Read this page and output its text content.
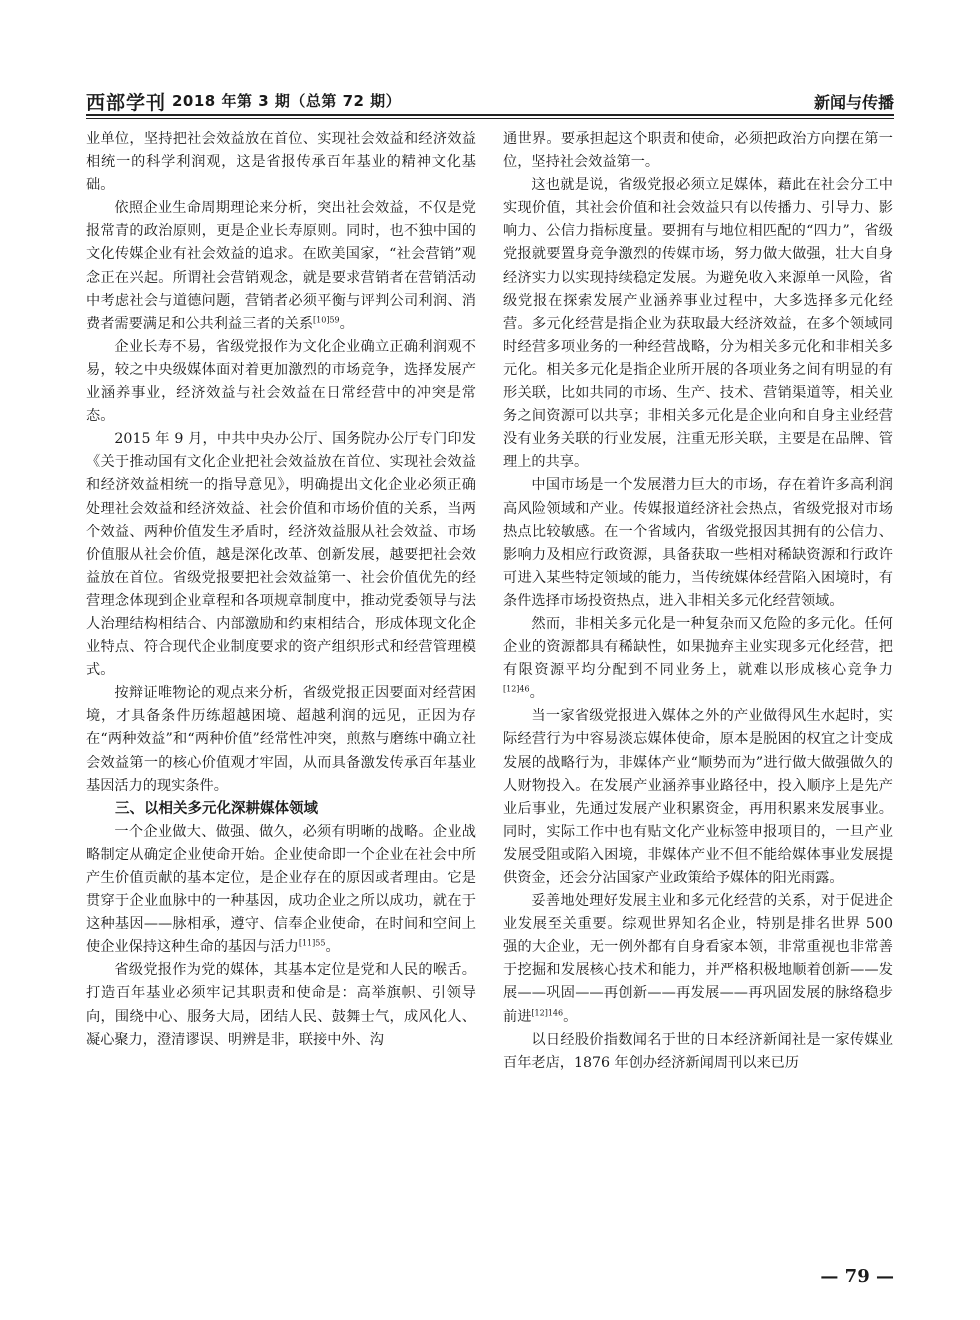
西部学刊 2018 年第 3 期（总第 72 期）	新闻与传播

业单位，坚持把社会效益放在首位、实现社会效益和经济效益相统一的科学利润观，这是省报传承百年基业的精神文化基础。

依照企业生命周期理论来分析，突出社会效益，不仅是党报常青的政治原则，更是企业长寿原则。同时，也不独中国的文化传媒企业有社会效益的追求。在欧美国家，“社会营销”观念正在兴起。所谓社会营销观念，就是要求营销者在营销活动中考虑社会与道德问题，营销者必须平衡与评判公司利润、消费者需要满足和公共利益三者的关系$^{[10]59}$。

企业长寿不易，省级党报作为文化企业确立正确利润观不易，较之中央级媒体面对着更加激烈的市场竞争，选择发展产业涵养事业，经济效益与社会效益在日常经营中的冲突是常态。

2015 年 9 月，中共中央办公厅、国务院办公厅专门印发《关于推动国有文化企业把社会效益放在首位、实现社会效益和经济效益相统一的指导意见》，明确提出文化企业必须正确处理社会效益和经济效益、社会价值和市场价值的关系，当两个效益、两种价值发生矛盾时，经济效益服从社会效益、市场价值服从社会价值，越是深化改革、创新发展，越要把社会效益放在首位。省级党报要把社会效益第一、社会价值优先的经营理念体现到企业章程和各项规章制度中，推动党委领导与法人治理结构相结合、内部激励和约束相结合，形成体现文化企业特点、符合现代企业制度要求的资产组织形式和经营管理模式。

按辩证唯物论的观点来分析，省级党报正因要面对经营困境，才具备条件历练超越困境、超越利润的远见，正因为存在“两种效益”和“两种价值”经常性冲突，煎熬与磨练中确立社会效益第一的核心价值观才牢固，从而具备激发传承百年基业基因活力的现实条件。

三、以相关多元化深耕媒体领域

一个企业做大、做强、做久，必须有明晰的战略。企业战略制定从确定企业使命开始。企业使命即一个企业在社会中所产生价值贡献的基本定位，是企业存在的原因或者理由。它是贯穿于企业血脉中的一种基因，成功企业之所以成功，就在于这种基因——脉相承，遵守、信奉企业使命，在时间和空间上使企业保持这种生命的基因与活力$^{[11]55}$。

省级党报作为党的媒体，其基本定位是党和人民的喉舌。打造百年基业必须牢记其职责和使命是：高举旗帜、引领导向，围绕中心、服务大局，团结人民、鼓舞士气，成风化人、凝心聚力，澄清谬误、明辨是非，联接中外、沟

通世界。要承担起这个职责和使命，必须把政治方向摆在第一位，坚持社会效益第一。

这也就是说，省级党报必须立足媒体，藉此在社会分工中实现价值，其社会价值和社会效益只有以传播力、引导力、影响力、公信力指标度量。要拥有与地位相匹配的“四力”，省级党报就要置身竞争激烈的传媒市场，努力做大做强，壮大自身经济实力以实现持续稳定发展。为避免收入来源单一风险，省级党报在探索发展产业涵养事业过程中，大多选择多元化经营。多元化经营是指企业为获取最大经济效益，在多个领域同时经营多项业务的一种经营战略，分为相关多元化和非相关多元化。相关多元化是指企业所开展的各项业务之间有明显的有形关联，比如共同的市场、生产、技术、营销渠道等，相关业务之间资源可以共享；非相关多元化是企业向和自身主业经营没有业务关联的行业发展，注重无形关联，主要是在品牌、管理上的共享。

中国市场是一个发展潜力巨大的市场，存在着许多高利润高风险领域和产业。传媒报道经济社会热点，省级党报对市场热点比较敏感。在一个省域内，省级党报因其拥有的公信力、影响力及相应行政资源，具备获取一些相对稀缺资源和行政许可进入某些特定领域的能力，当传统媒体经营陷入困境时，有条件选择市场投资热点，进入非相关多元化经营领域。

然而，非相关多元化是一种复杂而又危险的多元化。任何企业的资源都具有稀缺性，如果抛弃主业实现多元化经营，把有限资源平均分配到不同业务上，就难以形成核心竞争力$^{[12]46}$。

当一家省级党报进入媒体之外的产业做得风生水起时，实际经营行为中容易淡忘媒体使命，原本是脱困的权宜之计变成发展的战略行为，非媒体产业“顺势而为”进行做大做强做久的人财物投入。在发展产业涵养事业路径中，投入顺序上是先产业后事业，先通过发展产业积累资金，再用积累来发展事业。同时，实际工作中也有贴文化产业标签申报项目的，一旦产业发展受阻或陷入困境，非媒体产业不但不能给媒体事业发展提供资金，还会分沾国家产业政策给予媒体的阳光雨露。

妥善地处理好发展主业和多元化经营的关系，对于促进企业发展至关重要。综观世界知名企业，特别是排名世界 500 强的大企业，无一例外都有自身看家本领，非常重视也非常善于挖掘和发展核心技术和能力，并严格积极地顺着创新——发展——巩固——再创新——再发展——再巩固发展的脉络稳步前进$^{[12]146}$。

以日经股价指数闻名于世的日本经济新闻社是一家传媒业百年老店，1876 年创办经济新闻周刊以来已历

— 79 —
